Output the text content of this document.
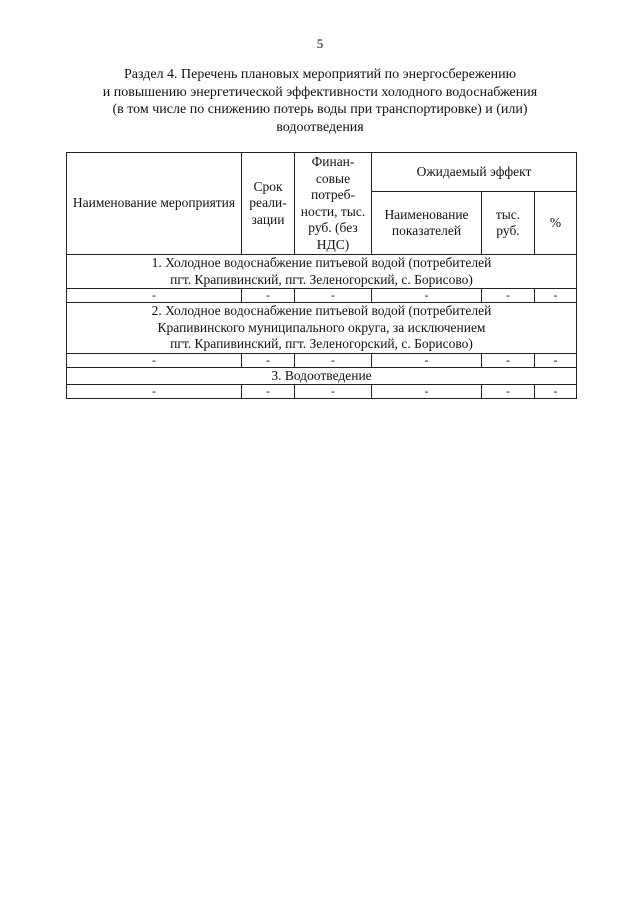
5
Раздел 4. Перечень плановых мероприятий по энергосбережению
и повышению энергетической эффективности холодного водоснабжения
(в том числе по снижению потерь воды при транспортировке) и (или)
водоотведения
Наименование мероприятия	Срок реали- зации	Финан- совые потреб- ности, тыс. руб. (без НДС)	Ожидаемый эффект		
			Наименование показателей	тыс. руб.	%

1. Холодное водоснабжение питьевой водой (потребителей
пгт. Крапивинский, пгт. Зеленогорский, с. Борисово)					

-	-	-	-	-	-

2. Холодное водоснабжение питьевой водой (потребителей
Крапивинского муниципального округа, за исключением
пгт. Крапивинский, пгт. Зеленогорский, с. Борисово)					

-	-	-	-	-	-

3. Водоотведение					

-	-	-	-	-	-
